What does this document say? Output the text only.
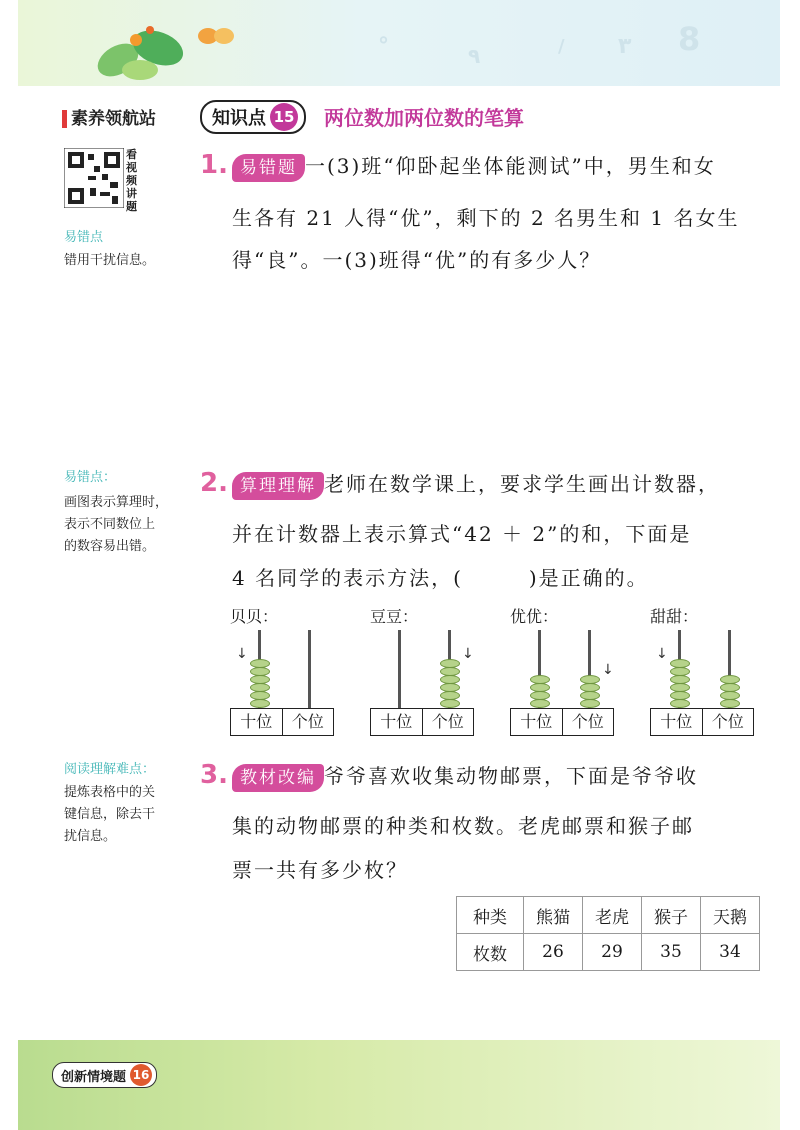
°	٩	/ ٣ 8
素养领航站	知识点 15 两位数加两位数的笔算
看视频讲题
易错点
错用干扰信息。
易错点：
画图表示算理时，
表示不同数位上
的数容易出错。
阅读理解难点：
提炼表格中的关
键信息，除去干
扰信息。
1. 易错题 一(3)班“仰卧起坐体能测试”中，男生和女
生各有 21 人得“优”，剩下的 2 名男生和 1 名女生
得“良”。一(3)班得“优”的有多少人？
2. 算理理解 老师在数学课上，要求学生画出计数器，
并在计数器上表示算式“42 ＋ 2”的和，下面是
4 名同学的表示方法，(　　　)是正确的。
贝贝：
十位	个位
↓
豆豆：
十位	个位
↓
优优：
十位	个位
↓
甜甜：
十位	个位
↓
3. 教材改编 爷爷喜欢收集动物邮票，下面是爷爷收
集的动物邮票的种类和枚数。老虎邮票和猴子邮
票一共有多少枚？
种类	熊猫	老虎	猴子	天鹅
枚数	26	29	35	34
创新情境题 16
